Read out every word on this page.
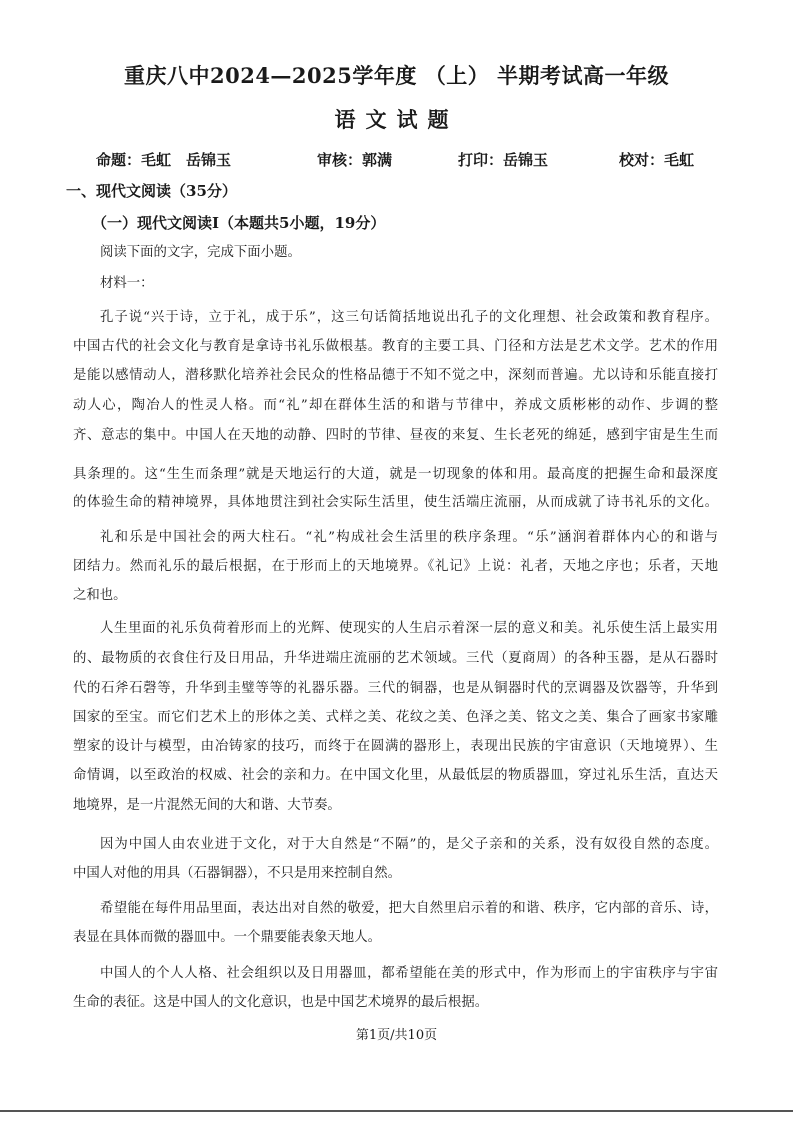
重庆八中2024—2025学年度 （上） 半期考试高一年级
语文试题
命题：毛虹　岳锦玉	审核：郭满	打印：岳锦玉	校对：毛虹
一、现代文阅读（35分）
（一）现代文阅读Ⅰ（本题共5小题，19分）
阅读下面的文字，完成下面小题。
材料一：
孔子说“兴于诗，立于礼，成于乐”，这三句话简括地说出孔子的文化理想、社会政策和教育程序。
中国古代的社会文化与教育是拿诗书礼乐做根基。教育的主要工具、门径和方法是艺术文学。艺术的作用
是能以感情动人，潜移默化培养社会民众的性格品德于不知不觉之中，深刻而普遍。尤以诗和乐能直接打
动人心，陶冶人的性灵人格。而“礼”却在群体生活的和谐与节律中，养成文质彬彬的动作、步调的整
齐、意志的集中。中国人在天地的动静、四时的节律、昼夜的来复、生长老死的绵延，感到宇宙是生生而
具条理的。这“生生而条理”就是天地运行的大道，就是一切现象的体和用。最高度的把握生命和最深度
的体验生命的精神境界，具体地贯注到社会实际生活里，使生活端庄流丽，从而成就了诗书礼乐的文化。
礼和乐是中国社会的两大柱石。“礼”构成社会生活里的秩序条理。“乐”涵润着群体内心的和谐与
团结力。然而礼乐的最后根据，在于形而上的天地境界。《礼记》上说：礼者，天地之序也；乐者，天地
之和也。
人生里面的礼乐负荷着形而上的光辉、使现实的人生启示着深一层的意义和美。礼乐使生活上最实用
的、最物质的衣食住行及日用品，升华进端庄流丽的艺术领域。三代（夏商周）的各种玉器，是从石器时
代的石斧石磬等，升华到圭璧等等的礼器乐器。三代的铜器，也是从铜器时代的烹调器及饮器等，升华到
国家的至宝。而它们艺术上的形体之美、式样之美、花纹之美、色泽之美、铭文之美、集合了画家书家雕
塑家的设计与模型，由冶铸家的技巧，而终于在圆满的器形上，表现出民族的宇宙意识（天地境界）、生
命情调，以至政治的权威、社会的亲和力。在中国文化里，从最低层的物质器皿，穿过礼乐生活，直达天
地境界，是一片混然无间的大和谐、大节奏。
因为中国人由农业进于文化，对于大自然是“不隔”的，是父子亲和的关系，没有奴役自然的态度。
中国人对他的用具（石器铜器），不只是用来控制自然。
希望能在每件用品里面，表达出对自然的敬爱，把大自然里启示着的和谐、秩序，它内部的音乐、诗，
表显在具体而微的器皿中。一个鼎要能表象天地人。
中国人的个人人格、社会组织以及日用器皿，都希望能在美的形式中，作为形而上的宇宙秩序与宇宙
生命的表征。这是中国人的文化意识，也是中国艺术境界的最后根据。
第1页/共10页
